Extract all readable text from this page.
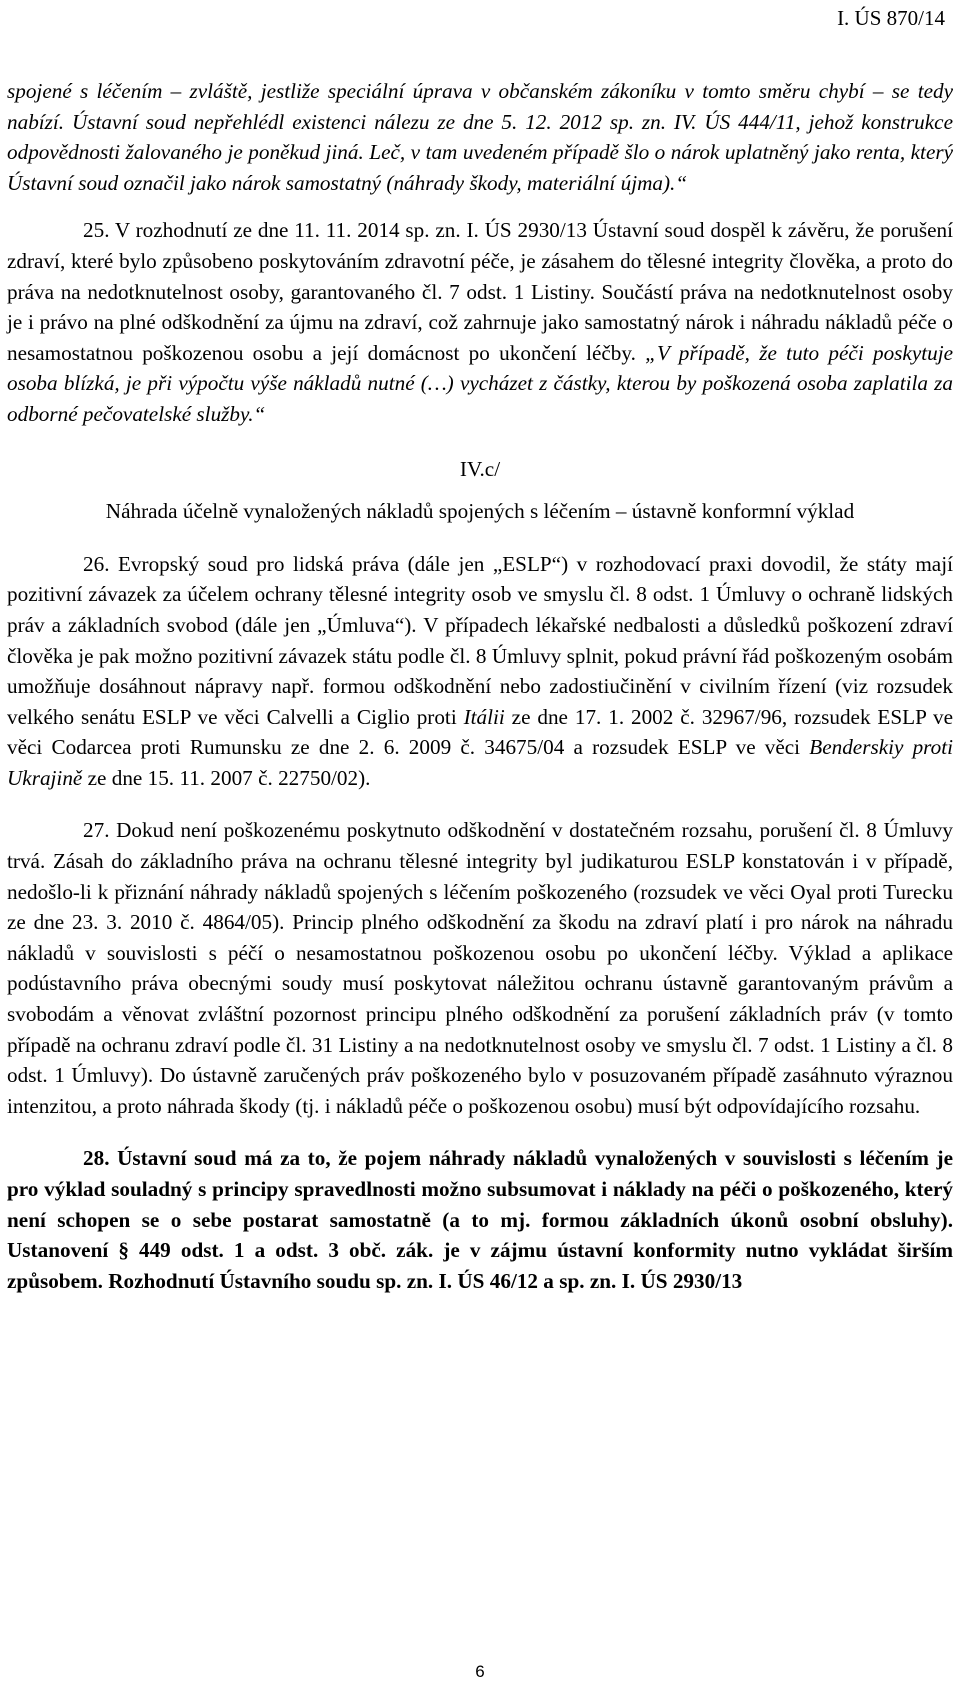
I. ÚS 870/14

spojené s léčením – zvláště, jestliže speciální úprava v občanském zákoníku v tomto směru chybí – se tedy nabízí. Ústavní soud nepřehlédl existenci nálezu ze dne 5. 12. 2012 sp. zn. IV. ÚS 444/11, jehož konstrukce odpovědnosti žalovaného je poněkud jiná. Leč, v tam uvedeném případě šlo o nárok uplatněný jako renta, který Ústavní soud označil jako nárok samostatný (náhrady škody, materiální újma).“

25. V rozhodnutí ze dne 11. 11. 2014 sp. zn. I. ÚS 2930/13 Ústavní soud dospěl k závěru, že porušení zdraví, které bylo způsobeno poskytováním zdravotní péče, je zásahem do tělesné integrity člověka, a proto do práva na nedotknutelnost osoby, garantovaného čl. 7 odst. 1 Listiny. Součástí práva na nedotknutelnost osoby je i právo na plné odškodnění za újmu na zdraví, což zahrnuje jako samostatný nárok i náhradu nákladů péče o nesamostatnou poškozenou osobu a její domácnost po ukončení léčby. „V případě, že tuto péči poskytuje osoba blízká, je při výpočtu výše nákladů nutné (…) vycházet z částky, kterou by poškozená osoba zaplatila za odborné pečovatelské služby.“

IV.c/

Náhrada účelně vynaložených nákladů spojených s léčením – ústavně konformní výklad

26. Evropský soud pro lidská práva (dále jen „ESLP“) v rozhodovací praxi dovodil, že státy mají pozitivní závazek za účelem ochrany tělesné integrity osob ve smyslu čl. 8 odst. 1 Úmluvy o ochraně lidských práv a základních svobod (dále jen „Úmluva“). V případech lékařské nedbalosti a důsledků poškození zdraví člověka je pak možno pozitivní závazek státu podle čl. 8 Úmluvy splnit, pokud právní řád poškozeným osobám umožňuje dosáhnout nápravy např. formou odškodnění nebo zadostiučinění v civilním řízení (viz rozsudek velkého senátu ESLP ve věci Calvelli a Ciglio proti Itálii ze dne 17. 1. 2002 č. 32967/96, rozsudek ESLP ve věci Codarcea proti Rumunsku ze dne 2. 6. 2009 č. 34675/04 a rozsudek ESLP ve věci Benderskiy proti Ukrajině ze dne 15. 11. 2007 č. 22750/02).

27. Dokud není poškozenému poskytnuto odškodnění v dostatečném rozsahu, porušení čl. 8 Úmluvy trvá. Zásah do základního práva na ochranu tělesné integrity byl judikaturou ESLP konstatován i v případě, nedošlo-li k přiznání náhrady nákladů spojených s léčením poškozeného (rozsudek ve věci Oyal proti Turecku ze dne 23. 3. 2010 č. 4864/05). Princip plného odškodnění za škodu na zdraví platí i pro nárok na náhradu nákladů v souvislosti s péčí o nesamostatnou poškozenou osobu po ukončení léčby. Výklad a aplikace podústavního práva obecnými soudy musí poskytovat náležitou ochranu ústavně garantovaným právům a svobodám a věnovat zvláštní pozornost principu plného odškodnění za porušení základních práv (v tomto případě na ochranu zdraví podle čl. 31 Listiny a na nedotknutelnost osoby ve smyslu čl. 7 odst. 1 Listiny a čl. 8 odst. 1 Úmluvy). Do ústavně zaručených práv poškozeného bylo v posuzovaném případě zasáhnuto výraznou intenzitou, a proto náhrada škody (tj. i nákladů péče o poškozenou osobu) musí být odpovídajícího rozsahu.

28. Ústavní soud má za to, že pojem náhrady nákladů vynaložených v souvislosti s léčením je pro výklad souladný s principy spravedlnosti možno subsumovat i náklady na péči o poškozeného, který není schopen se o sebe postarat samostatně (a to mj. formou základních úkonů osobní obsluhy). Ustanovení § 449 odst. 1 a odst. 3 obč. zák. je v zájmu ústavní konformity nutno vykládat širším způsobem. Rozhodnutí Ústavního soudu sp. zn. I. ÚS 46/12 a sp. zn. I. ÚS 2930/13

6
